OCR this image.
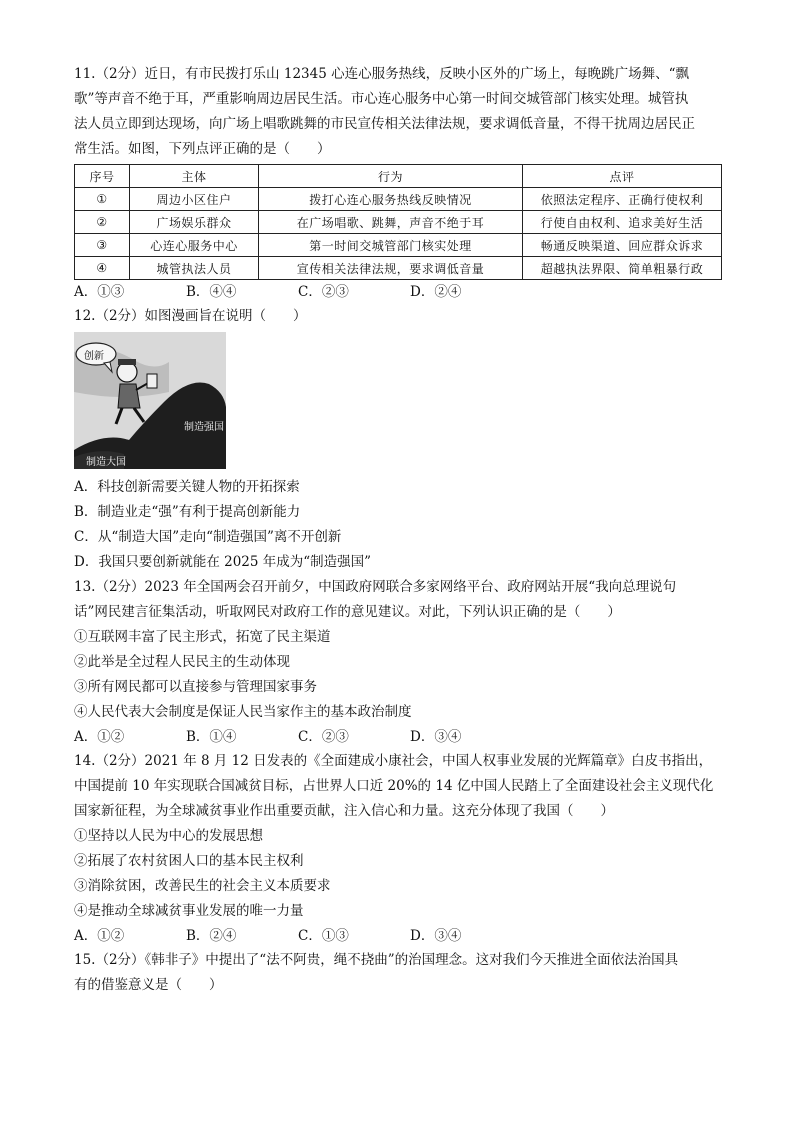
11.（2分）近日，有市民拨打乐山 12345 心连心服务热线，反映小区外的广场上，每晚跳广场舞、“飘
歌”等声音不绝于耳，严重影响周边居民生活。市心连心服务中心第一时间交城管部门核实处理。城管执
法人员立即到达现场，向广场上唱歌跳舞的市民宣传相关法律法规，要求调低音量，不得干扰周边居民正
常生活。如图，下列点评正确的是（　　）
序号	主体	行为	点评
①	周边小区住户	拨打心连心服务热线反映情况	依照法定程序、正确行使权利
②	广场娱乐群众	在广场唱歌、跳舞，声音不绝于耳	行使自由权利、追求美好生活
③	心连心服务中心	第一时间交城管部门核实处理	畅通反映渠道、回应群众诉求
④	城管执法人员	宣传相关法律法规，要求调低音量	超越执法界限、简单粗暴行政
A．①③	B．④④	C．②③	D．②④
12.（2分）如图漫画旨在说明（　　）
创新
制造大国
制造强国
A．科技创新需要关键人物的开拓探索
B．制造业走“强”有利于提高创新能力
C．从“制造大国”走向“制造强国”离不开创新
D．我国只要创新就能在 2025 年成为“制造强国”
13.（2分）2023 年全国两会召开前夕，中国政府网联合多家网络平台、政府网站开展“我向总理说句
话”网民建言征集活动，听取网民对政府工作的意见建议。对此，下列认识正确的是（　　）
①互联网丰富了民主形式，拓宽了民主渠道
②此举是全过程人民民主的生动体现
③所有网民都可以直接参与管理国家事务
④人民代表大会制度是保证人民当家作主的基本政治制度
A．①②	B．①④	C．②③	D．③④
14.（2分）2021 年 8 月 12 日发表的《全面建成小康社会，中国人权事业发展的光辉篇章》白皮书指出，
中国提前 10 年实现联合国减贫目标，占世界人口近 20%的 14 亿中国人民踏上了全面建设社会主义现代化
国家新征程，为全球减贫事业作出重要贡献，注入信心和力量。这充分体现了我国（　　）
①坚持以人民为中心的发展思想
②拓展了农村贫困人口的基本民主权利
③消除贫困，改善民生的社会主义本质要求
④是推动全球减贫事业发展的唯一力量
A．①②	B．②④	C．①③	D．③④
15.（2分）《韩非子》中提出了“法不阿贵，绳不挠曲”的治国理念。这对我们今天推进全面依法治国具
有的借鉴意义是（　　）
